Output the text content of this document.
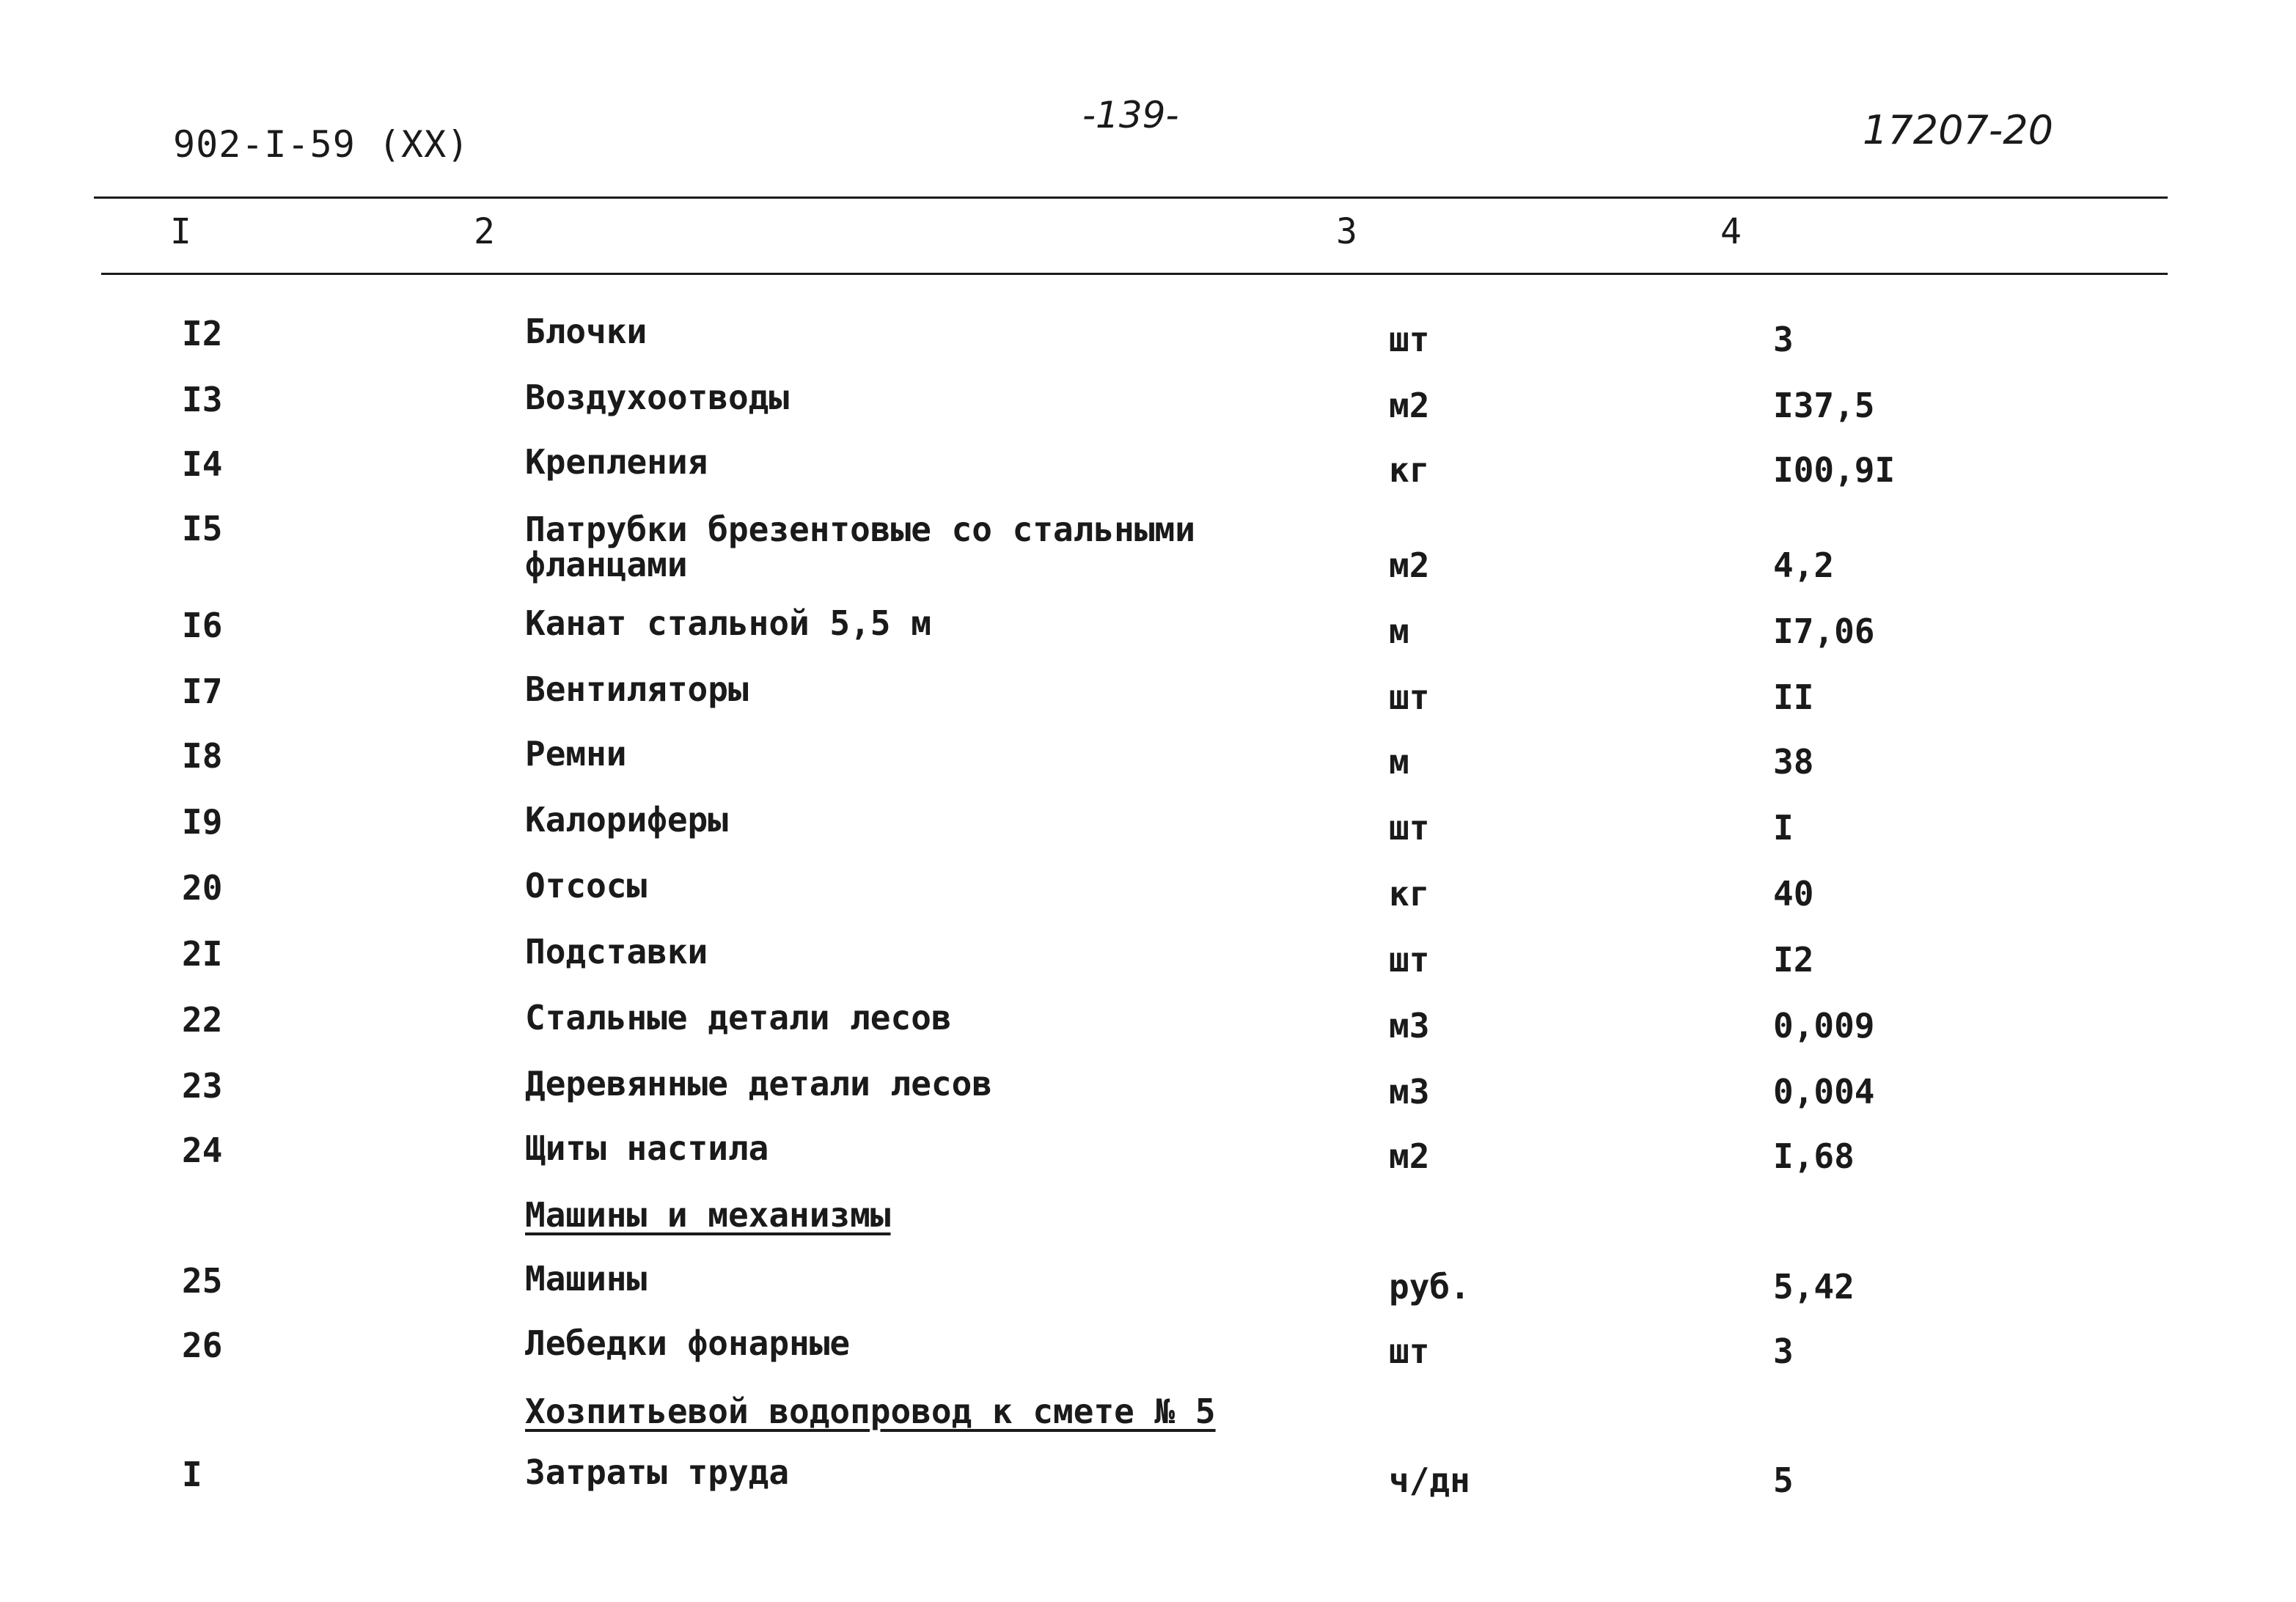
902-I-59 (XX)
-139-	17207-20
I	2	3	4
I2	Блочки	шт	3
I3	Воздухоотводы	м2	I37,5
I4	Крепления	кг	I00,9I
I5	Патрубки брезентовые со стальными
фланцами	м2	4,2
I6	Канат стальной 5,5 м	м	I7,06
I7	Вентиляторы	шт	II
I8	Ремни	м	38
I9	Калориферы	шт	I
20	Отсосы	кг	40
2I	Подставки	шт	I2
22	Стальные детали лесов	м3	0,009
23	Деревянные детали лесов	м3	0,004
24	Щиты настила	м2	I,68
Машины и механизмы
25	Машины	руб.	5,42
26	Лебедки фонарные	шт	3
Хозпитьевой водопровод к смете № 5
I	Затраты труда	ч/дн	5
